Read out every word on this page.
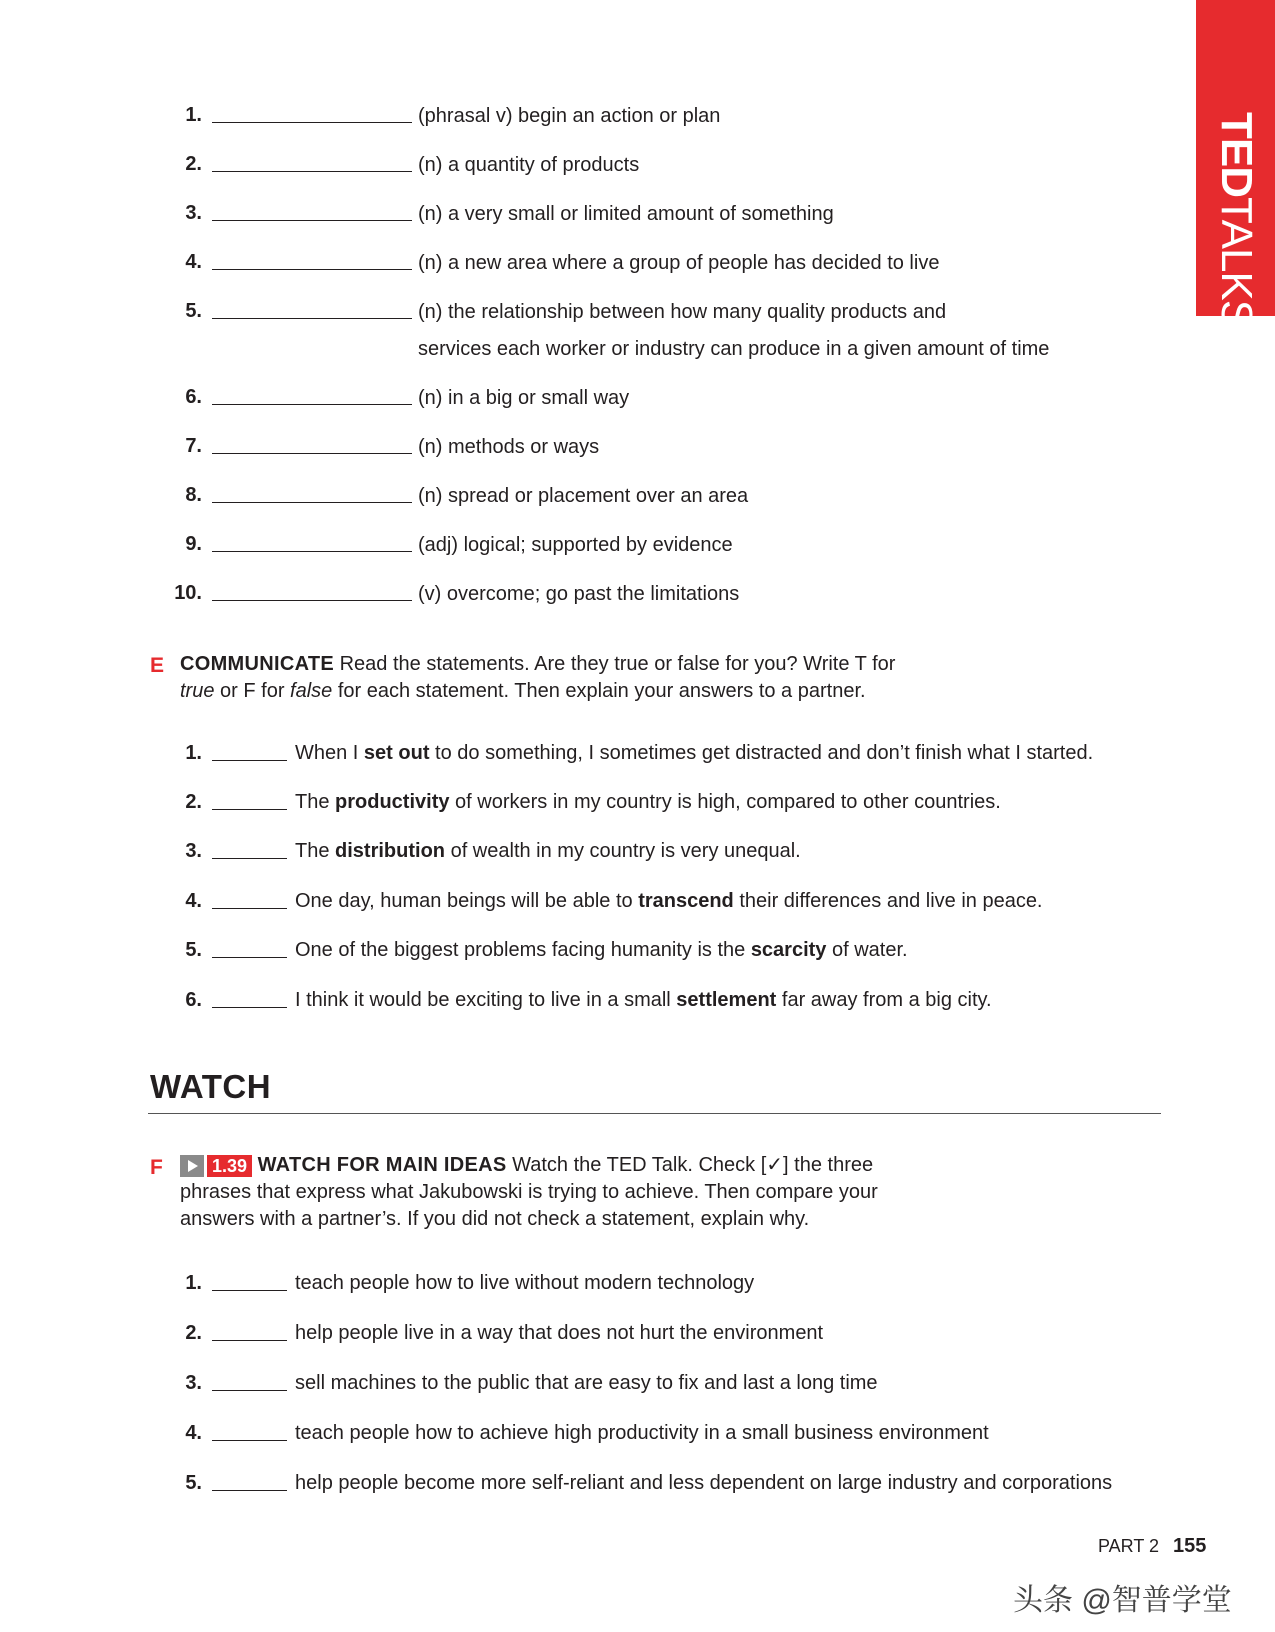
TEDTALKS
1.	(phrasal v) begin an action or plan
2.	(n) a quantity of products
3.	(n) a very small or limited amount of something
4.	(n) a new area where a group of people has decided to live
5.	(n) the relationship between how many quality products and
services each worker or industry can produce in a given amount of time
6.	(n) in a big or small way
7.	(n) methods or ways
8.	(n) spread or placement over an area
9.	(adj) logical; supported by evidence
10.	(v) overcome; go past the limitations
E COMMUNICATE Read the statements. Are they true or false for you? Write T for
true or F for false for each statement. Then explain your answers to a partner.
1.	When I set out to do something, I sometimes get distracted and don’t finish what I started.
2.	The productivity of workers in my country is high, compared to other countries.
3.	The distribution of wealth in my country is very unequal.
4.	One day, human beings will be able to transcend their differences and live in peace.
5.	One of the biggest problems facing humanity is the scarcity of water.
6.	I think it would be exciting to live in a small settlement far away from a big city.
WATCH
F	1.39 WATCH FOR MAIN IDEAS Watch the TED Talk. Check [✓] the three
phrases that express what Jakubowski is trying to achieve. Then compare your
answers with a partner’s. If you did not check a statement, explain why.
1.	teach people how to live without modern technology
2.	help people live in a way that does not hurt the environment
3.	sell machines to the public that are easy to fix and last a long time
4.	teach people how to achieve high productivity in a small business environment
5.	help people become more self-reliant and less dependent on large industry and corporations
PART 2 155
头条 @智普学堂
